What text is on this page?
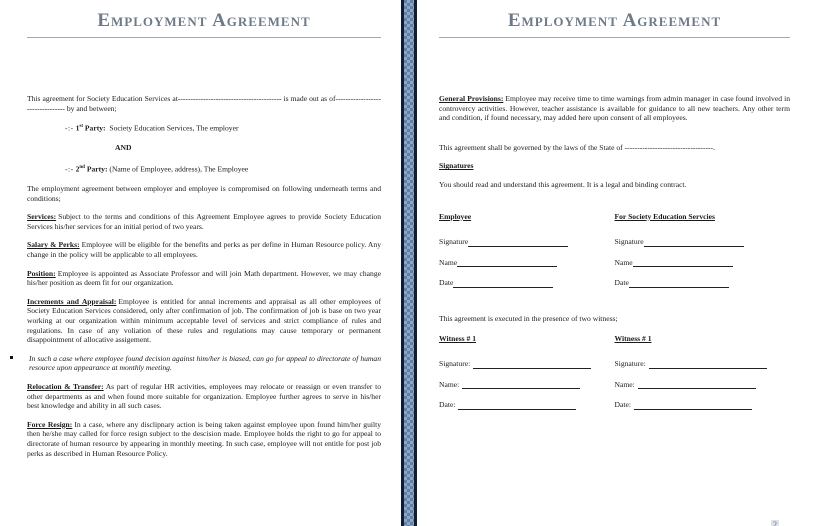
Employment Agreement

This agreement for Society Education Services at----------------------------------------- is made out as of--------------------------------- by and between;

-:- 1st Party: Society Education Services, The employer

AND

-:- 2nd Party: (Name of Employee, address), The Employee

The employment agreement between employer and employee is compromised on following underneath terms and conditions;

Services: Subject to the terms and conditions of this Agreement Employee agrees to provide Society Education Services his/her services for an initial period of two years.

Salary & Perks: Employee will be eligible for the benefits and perks as per define in Human Resource policy. Any change in the policy will be applicable to all employees.

Position: Employee is appointed as Associate Professor and will join Math department. However, we may change his/her position as deem fit for our organization.

Increments and Appraisal: Employee is entitled for annal increments and appraisal as all other employees of Society Education Services considered, only after confirmation of job. The confirmation of job is base on two year working at our organization within minimum acceptable level of services and strict compliance of rules and regulations. In case of any voliation of these rules and regulations may cause temporary or permanent disappointment of allocative assigement.

In such a case where employee found decision against him/her is biased, can go for appeal to directorate of human resource upon appearance at monthly meeting.

Relocation & Transfer: As part of regular HR activities, employees may relocate or reassign or even transfer to other departments as and when found more suitable for organization. Employee further agrees to serve in his/her best knowledge and ability in all such cases.

Force Resign: In a case, where any disclipnary action is being taken against employee upon found him/her guilty then he/she may called for force resign subject to the descision made. Employee holds the right to go for appeal to directorate of human resource by appearing in monthly meeting. In such case, employee will not entitle for post job perks as described in Human Resource Policy.

Employment Agreement

General Provisions: Employee may receive time to time warnings from admin manager in case found involved in controvercy activities. However, teacher assistance is available for guidance to all new teachers. Any other term and condition, if found necessary, may added here upon consent of all employees.

This agreement shall be governed by the laws of the State of -----------------------------------.

Signatures

You should read and understand this agreement. It is a legal and binding contract.

Employee
Signature
Name
Date
For Society Education Servcies
Signature
Name
Date

This agreement is executed in the presence of two witness;

Witness # 1
Signature:
Name:
Date:
Witness # 1
Signature:
Name:
Date:
2
